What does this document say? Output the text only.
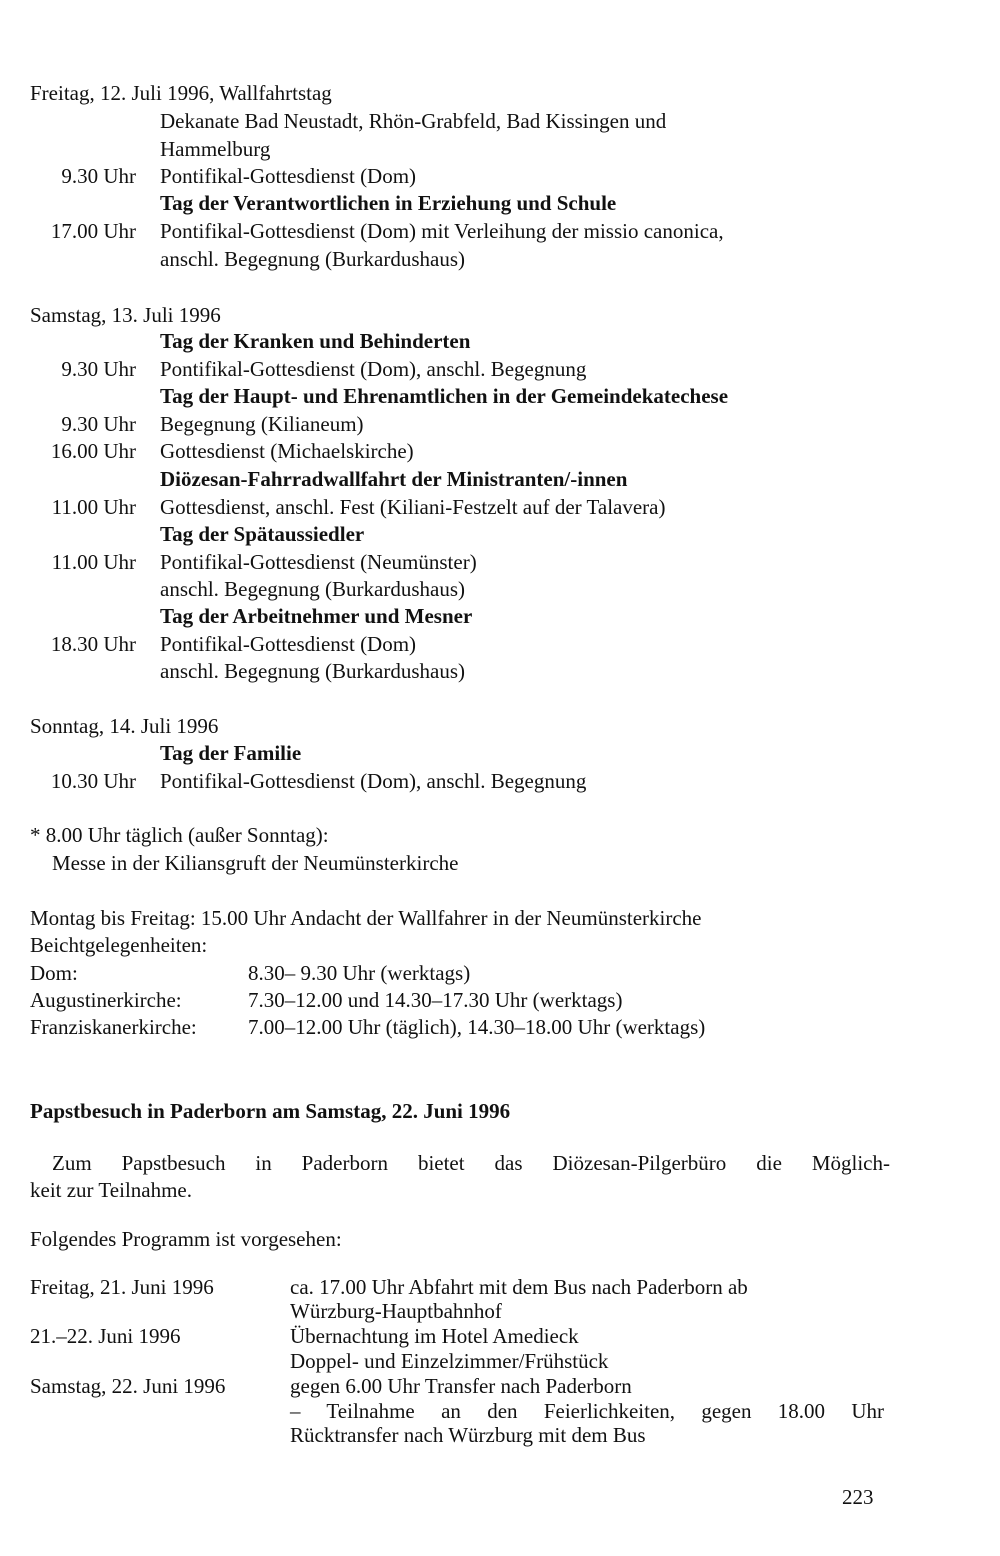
Freitag, 12. Juli 1996, Wallfahrtstag
Dekanate Bad Neustadt, Rhön-Grabfeld, Bad Kissingen und
Hammelburg
9.30 Uhr Pontifikal-Gottesdienst (Dom)
Tag der Verantwortlichen in Erziehung und Schule
17.00 Uhr Pontifikal-Gottesdienst (Dom) mit Verleihung der missio canonica,
anschl. Begegnung (Burkardushaus)
Samstag, 13. Juli 1996
Tag der Kranken und Behinderten
9.30 Uhr Pontifikal-Gottesdienst (Dom), anschl. Begegnung
Tag der Haupt- und Ehrenamtlichen in der Gemeindekatechese
9.30 Uhr Begegnung (Kilianeum)
16.00 Uhr Gottesdienst (Michaelskirche)
Diözesan-Fahrradwallfahrt der Ministranten/-innen
11.00 Uhr Gottesdienst, anschl. Fest (Kiliani-Festzelt auf der Talavera)
Tag der Spätaussiedler
11.00 Uhr Pontifikal-Gottesdienst (Neumünster)
anschl. Begegnung (Burkardushaus)
Tag der Arbeitnehmer und Mesner
18.30 Uhr Pontifikal-Gottesdienst (Dom)
anschl. Begegnung (Burkardushaus)
Sonntag, 14. Juli 1996
Tag der Familie
10.30 Uhr Pontifikal-Gottesdienst (Dom), anschl. Begegnung
* 8.00 Uhr täglich (außer Sonntag):
Messe in der Kiliansgruft der Neumünsterkirche
Montag bis Freitag: 15.00 Uhr Andacht der Wallfahrer in der Neumünsterkirche
Beichtgelegenheiten:
Dom:	8.30– 9.30 Uhr (werktags)
Augustinerkirche:	7.30–12.00 und 14.30–17.30 Uhr (werktags)
Franziskanerkirche: 7.00–12.00 Uhr (täglich), 14.30–18.00 Uhr (werktags)
Papstbesuch in Paderborn am Samstag, 22. Juni 1996
Zum Papstbesuch in Paderborn bietet das Diözesan-Pilgerbüro die Möglich-
keit zur Teilnahme.
Folgendes Programm ist vorgesehen:
Freitag, 21. Juni 1996	ca. 17.00 Uhr Abfahrt mit dem Bus nach Paderborn ab
Würzburg-Hauptbahnhof
21.–22. Juni 1996	Übernachtung im Hotel Amedieck
Doppel- und Einzelzimmer/Frühstück
Samstag, 22. Juni 1996	gegen 6.00 Uhr Transfer nach Paderborn
– Teilnahme an den Feierlichkeiten, gegen 18.00 Uhr
Rücktransfer nach Würzburg mit dem Bus
223
